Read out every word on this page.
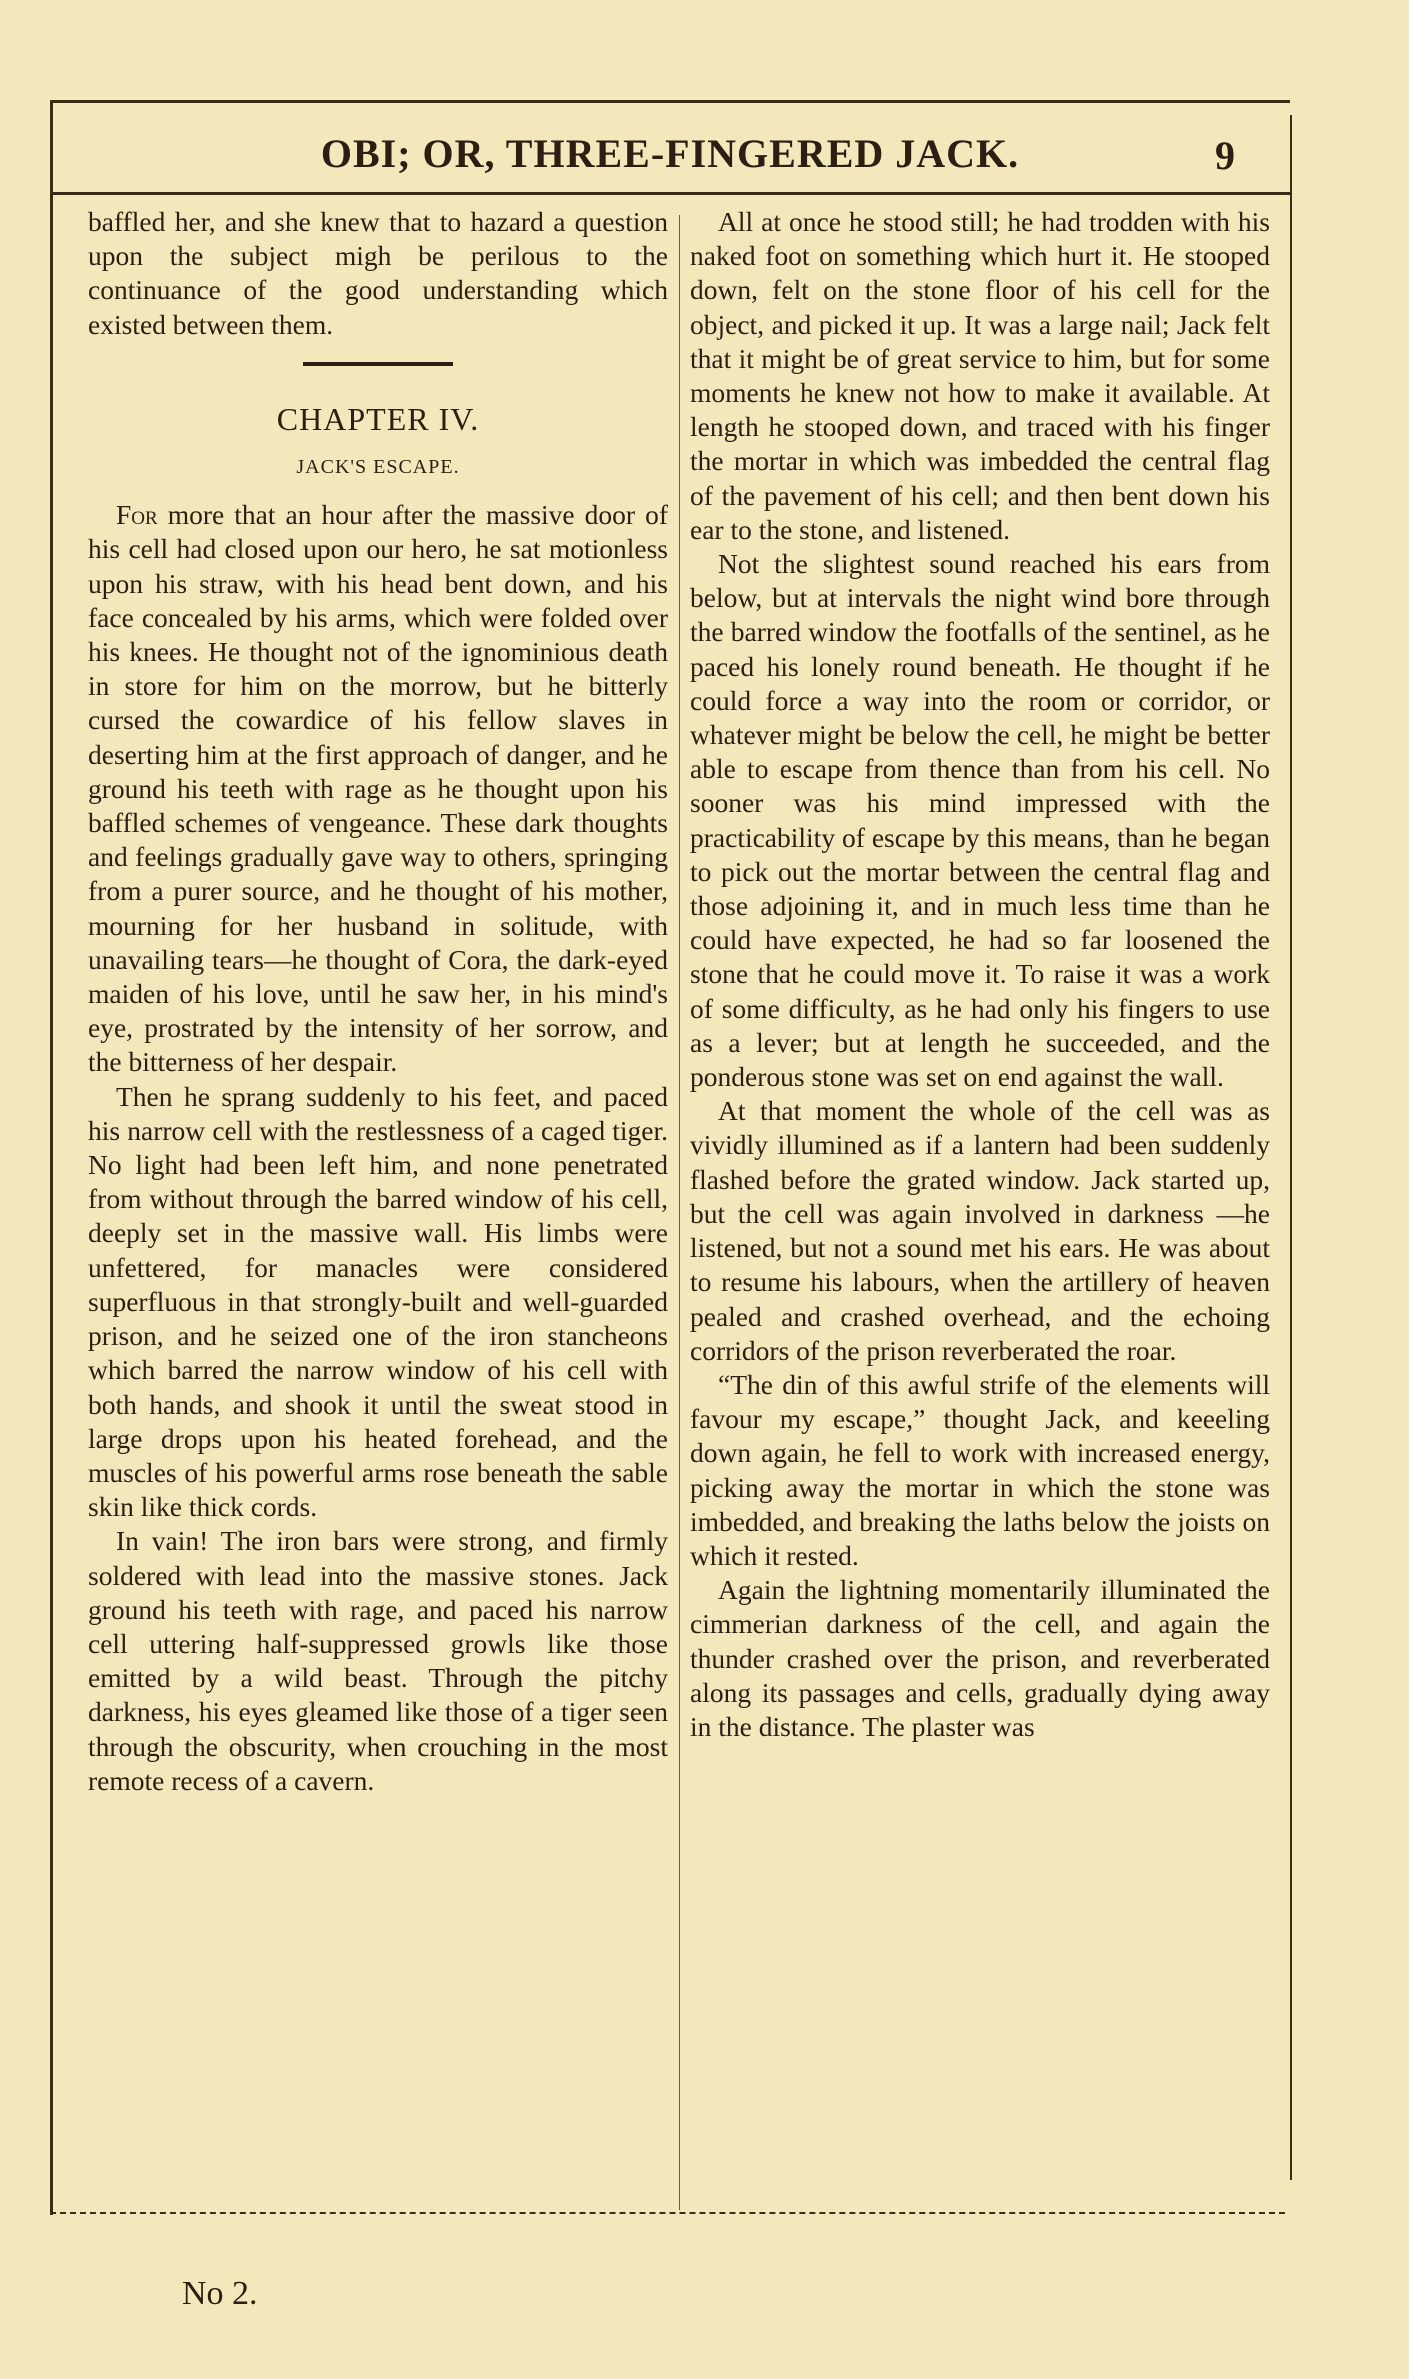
OBI; OR, THREE-FINGERED JACK.	9

baffled her, and she knew that to hazard a question upon the subject migh be perilous to the continuance of the good understanding which existed between them.

CHAPTER IV.
JACK'S ESCAPE.

For more that an hour after the massive door of his cell had closed upon our hero, he sat motionless upon his straw, with his head bent down, and his face concealed by his arms, which were folded over his knees. He thought not of the ignominious death in store for him on the morrow, but he bitterly cursed the cowardice of his fellow slaves in deserting him at the first approach of danger, and he ground his teeth with rage as he thought upon his baffled schemes of vengeance. These dark thoughts and feelings gradually gave way to others, springing from a purer source, and he thought of his mother, mourning for her husband in solitude, with unavailing tears—he thought of Cora, the dark-eyed maiden of his love, until he saw her, in his mind's eye, prostrated by the intensity of her sorrow, and the bitterness of her despair.

Then he sprang suddenly to his feet, and paced his narrow cell with the restlessness of a caged tiger. No light had been left him, and none penetrated from without through the barred window of his cell, deeply set in the massive wall. His limbs were unfettered, for manacles were considered superfluous in that strongly-built and well-guarded prison, and he seized one of the iron stancheons which barred the narrow window of his cell with both hands, and shook it until the sweat stood in large drops upon his heated forehead, and the muscles of his powerful arms rose beneath the sable skin like thick cords.

In vain! The iron bars were strong, and firmly soldered with lead into the massive stones. Jack ground his teeth with rage, and paced his narrow cell uttering half-suppressed growls like those emitted by a wild beast. Through the pitchy darkness, his eyes gleamed like those of a tiger seen through the obscurity, when crouching in the most remote recess of a cavern.

All at once he stood still; he had trodden with his naked foot on something which hurt it. He stooped down, felt on the stone floor of his cell for the object, and picked it up. It was a large nail; Jack felt that it might be of great service to him, but for some moments he knew not how to make it available. At length he stooped down, and traced with his finger the mortar in which was imbedded the central flag of the pavement of his cell; and then bent down his ear to the stone, and listened.

Not the slightest sound reached his ears from below, but at intervals the night wind bore through the barred window the footfalls of the sentinel, as he paced his lonely round beneath. He thought if he could force a way into the room or corridor, or whatever might be below the cell, he might be better able to escape from thence than from his cell. No sooner was his mind impressed with the practicability of escape by this means, than he began to pick out the mortar between the central flag and those adjoining it, and in much less time than he could have expected, he had so far loosened the stone that he could move it. To raise it was a work of some difficulty, as he had only his fingers to use as a lever; but at length he succeeded, and the ponderous stone was set on end against the wall.

At that moment the whole of the cell was as vividly illumined as if a lantern had been suddenly flashed before the grated window. Jack started up, but the cell was again involved in darkness —he listened, but not a sound met his ears. He was about to resume his labours, when the artillery of heaven pealed and crashed overhead, and the echoing corridors of the prison reverberated the roar.

“The din of this awful strife of the elements will favour my escape,” thought Jack, and keeeling down again, he fell to work with increased energy, picking away the mortar in which the stone was imbedded, and breaking the laths below the joists on which it rested.

Again the lightning momentarily illuminated the cimmerian darkness of the cell, and again the thunder crashed over the prison, and reverberated along its passages and cells, gradually dying away in the distance. The plaster was

No 2.
